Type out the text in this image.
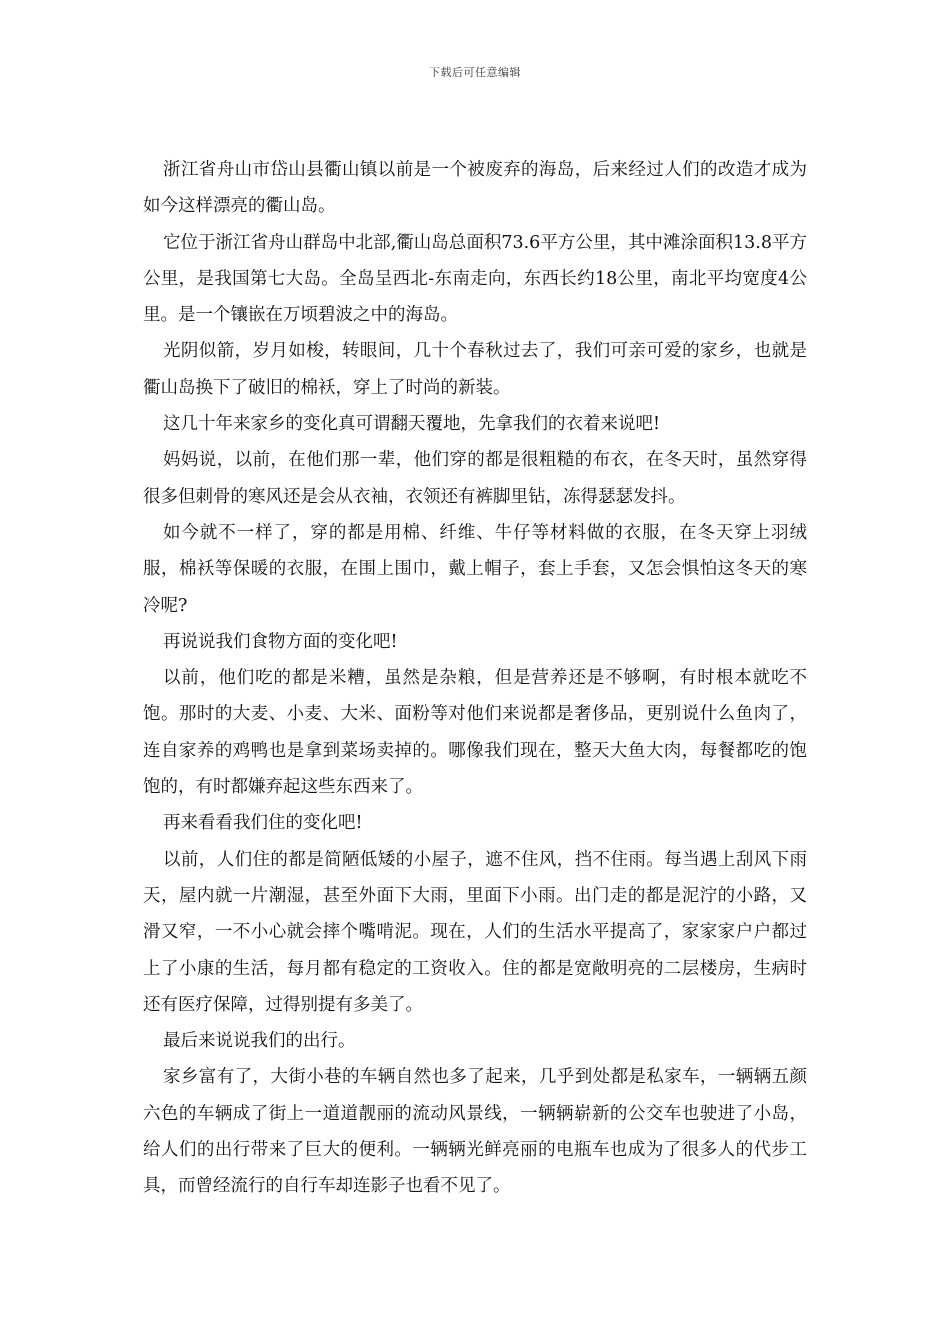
下载后可任意编辑

浙江省舟山市岱山县衢山镇以前是一个被废弃的海岛，后来经过人们的改造才成为如今这样漂亮的衢山岛。

它位于浙江省舟山群岛中北部,衢山岛总面积73.6平方公里，其中滩涂面积13.8平方公里，是我国第七大岛。全岛呈西北-东南走向，东西长约18公里，南北平均宽度4公里。是一个镶嵌在万顷碧波之中的海岛。

光阴似箭，岁月如梭，转眼间，几十个春秋过去了，我们可亲可爱的家乡，也就是衢山岛换下了破旧的棉袄，穿上了时尚的新装。

这几十年来家乡的变化真可谓翻天覆地，先拿我们的衣着来说吧!

妈妈说，以前，在他们那一辈，他们穿的都是很粗糙的布衣，在冬天时，虽然穿得很多但刺骨的寒风还是会从衣袖，衣领还有裤脚里钻，冻得瑟瑟发抖。

如今就不一样了，穿的都是用棉、纤维、牛仔等材料做的衣服，在冬天穿上羽绒服，棉袄等保暖的衣服，在围上围巾，戴上帽子，套上手套，又怎会惧怕这冬天的寒冷呢?

再说说我们食物方面的变化吧!

以前，他们吃的都是米糟，虽然是杂粮，但是营养还是不够啊，有时根本就吃不饱。那时的大麦、小麦、大米、面粉等对他们来说都是奢侈品，更别说什么鱼肉了，连自家养的鸡鸭也是拿到菜场卖掉的。哪像我们现在，整天大鱼大肉，每餐都吃的饱饱的，有时都嫌弃起这些东西来了。

再来看看我们住的变化吧!

以前，人们住的都是简陋低矮的小屋子，遮不住风，挡不住雨。每当遇上刮风下雨天，屋内就一片潮湿，甚至外面下大雨，里面下小雨。出门走的都是泥泞的小路，又滑又窄，一不小心就会摔个嘴啃泥。现在，人们的生活水平提高了，家家家户户都过上了小康的生活，每月都有稳定的工资收入。住的都是宽敞明亮的二层楼房，生病时还有医疗保障，过得别提有多美了。

最后来说说我们的出行。

家乡富有了，大街小巷的车辆自然也多了起来，几乎到处都是私家车，一辆辆五颜六色的车辆成了街上一道道靓丽的流动风景线，一辆辆崭新的公交车也驶进了小岛，给人们的出行带来了巨大的便利。一辆辆光鲜亮丽的电瓶车也成为了很多人的代步工具，而曾经流行的自行车却连影子也看不见了。
